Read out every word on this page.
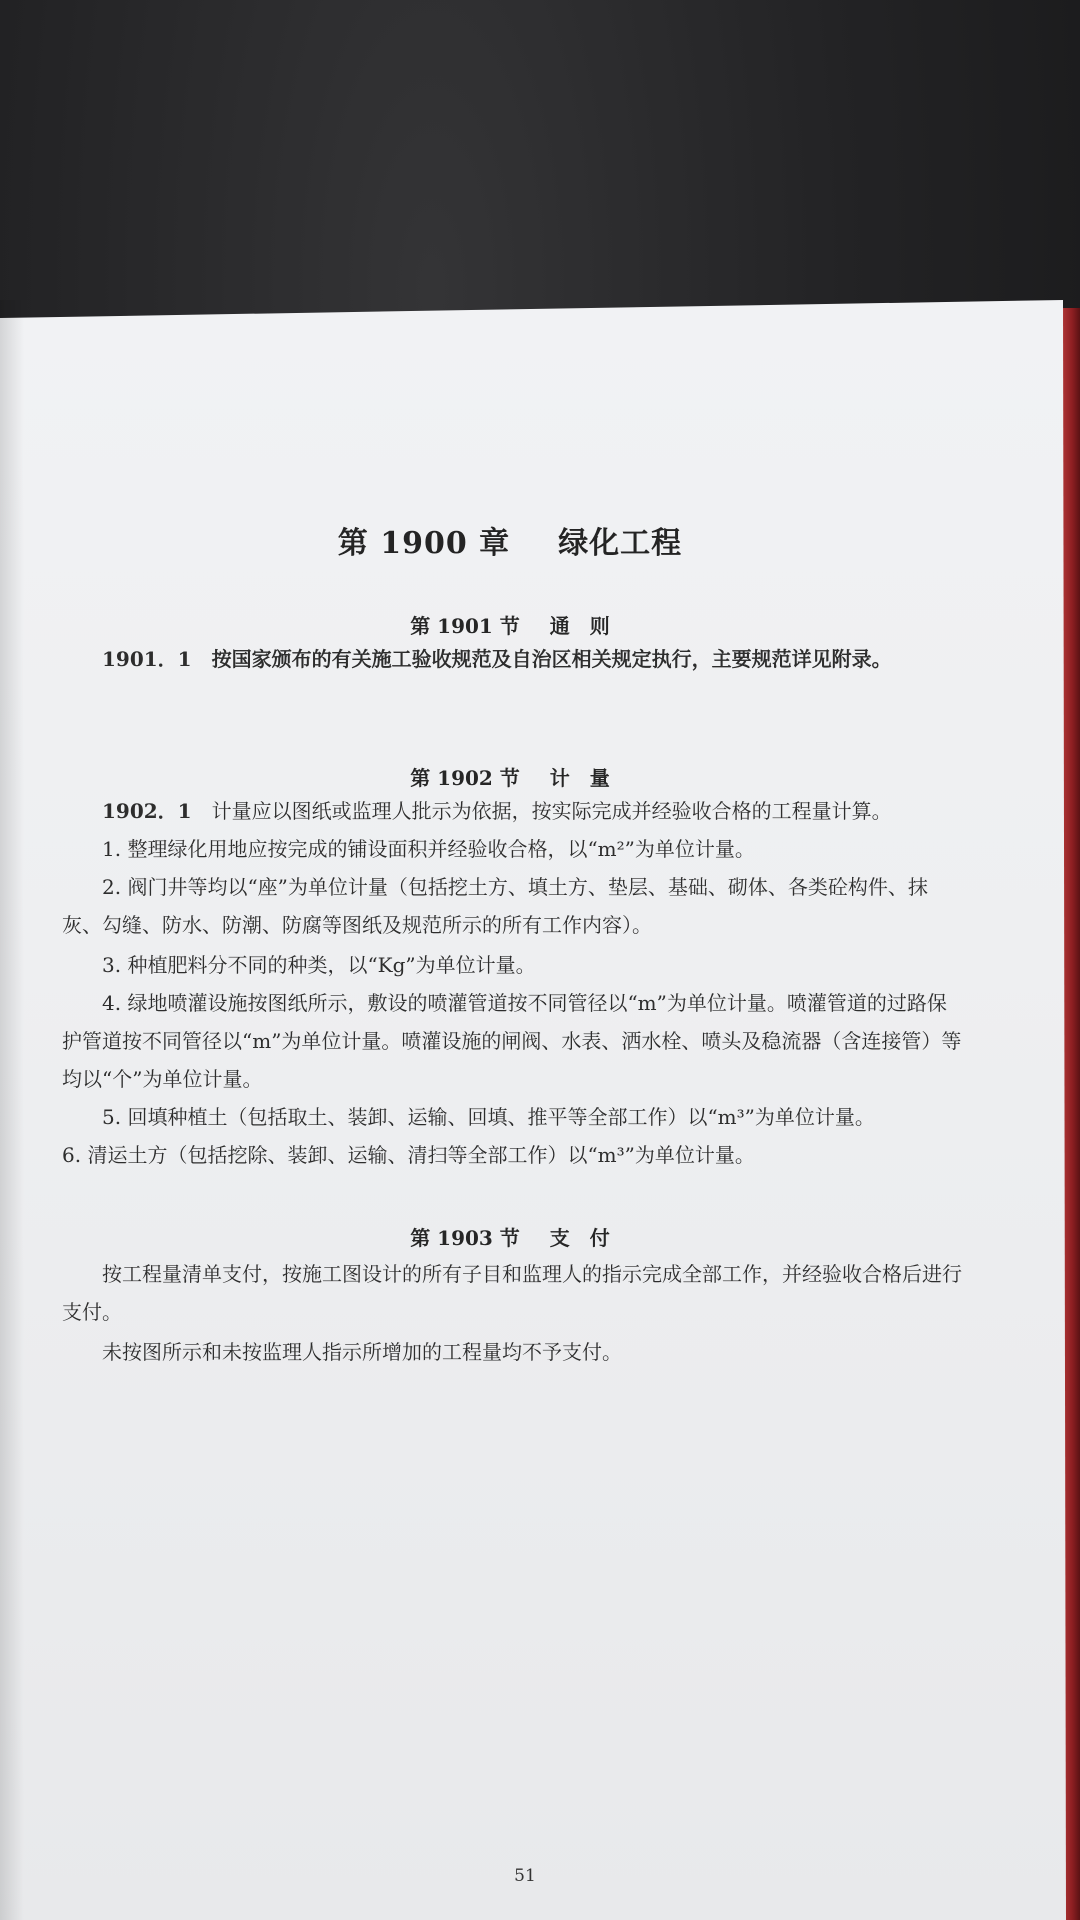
第 1900 章 绿化工程
第 1901 节 通　则

1901．1　 按国家颁布的有关施工验收规范及自治区相关规定执行，主要规范详见附录。

第 1902 节 计　量

1902．1　 计量应以图纸或监理人批示为依据，按实际完成并经验收合格的工程量计算。

1. 整理绿化用地应按完成的铺设面积并经验收合格，以“m²”为单位计量。

2. 阀门井等均以“座”为单位计量（包括挖土方、填土方、垫层、基础、砌体、各类砼构件、抹灰、勾缝、防水、防潮、防腐等图纸及规范所示的所有工作内容）。

3. 种植肥料分不同的种类，以“Kg”为单位计量。

4. 绿地喷灌设施按图纸所示，敷设的喷灌管道按不同管径以“m”为单位计量。喷灌管道的过路保护管道按不同管径以“m”为单位计量。喷灌设施的闸阀、水表、洒水栓、喷头及稳流器（含连接管）等均以“个”为单位计量。

5. 回填种植土（包括取土、装卸、运输、回填、推平等全部工作）以“m³”为单位计量。

6. 清运土方（包括挖除、装卸、运输、清扫等全部工作）以“m³”为单位计量。

第 1903 节 支　付

按工程量清单支付，按施工图设计的所有子目和监理人的指示完成全部工作，并经验收合格后进行支付。

未按图所示和未按监理人指示所增加的工程量均不予支付。

51
